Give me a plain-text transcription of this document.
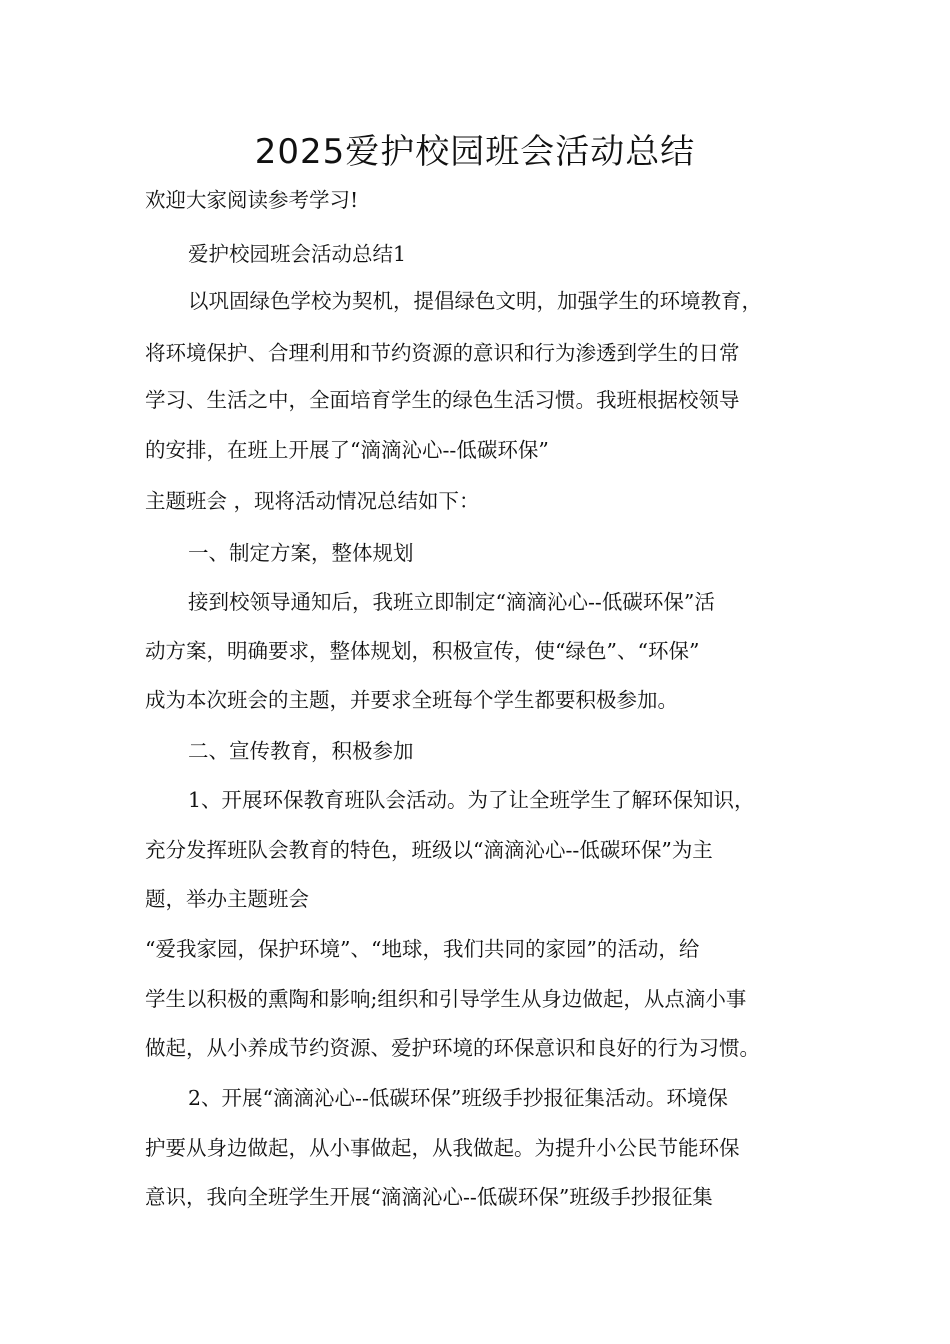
2025爱护校园班会活动总结

欢迎大家阅读参考学习!

爱护校园班会活动总结1

以巩固绿色学校为契机，提倡绿色文明，加强学生的环境教育，

将环境保护、合理利用和节约资源的意识和行为渗透到学生的日常

学习、生活之中，全面培育学生的绿色生活习惯。我班根据校领导

的安排，在班上开展了“滴滴沁心--低碳环保”

主题班会 ，现将活动情况总结如下：

一、制定方案，整体规划

接到校领导通知后，我班立即制定“滴滴沁心--低碳环保”活

动方案，明确要求，整体规划，积极宣传，使“绿色”、“环保”

成为本次班会的主题，并要求全班每个学生都要积极参加。

二、宣传教育，积极参加

1、开展环保教育班队会活动。为了让全班学生了解环保知识，

充分发挥班队会教育的特色，班级以“滴滴沁心--低碳环保”为主

题，举办主题班会

“爱我家园，保护环境”、“地球，我们共同的家园”的活动，给

学生以积极的熏陶和影响;组织和引导学生从身边做起，从点滴小事

做起，从小养成节约资源、爱护环境的环保意识和良好的行为习惯。

2、开展“滴滴沁心--低碳环保”班级手抄报征集活动。环境保

护要从身边做起，从小事做起，从我做起。为提升小公民节能环保

意识，我向全班学生开展“滴滴沁心--低碳环保”班级手抄报征集
